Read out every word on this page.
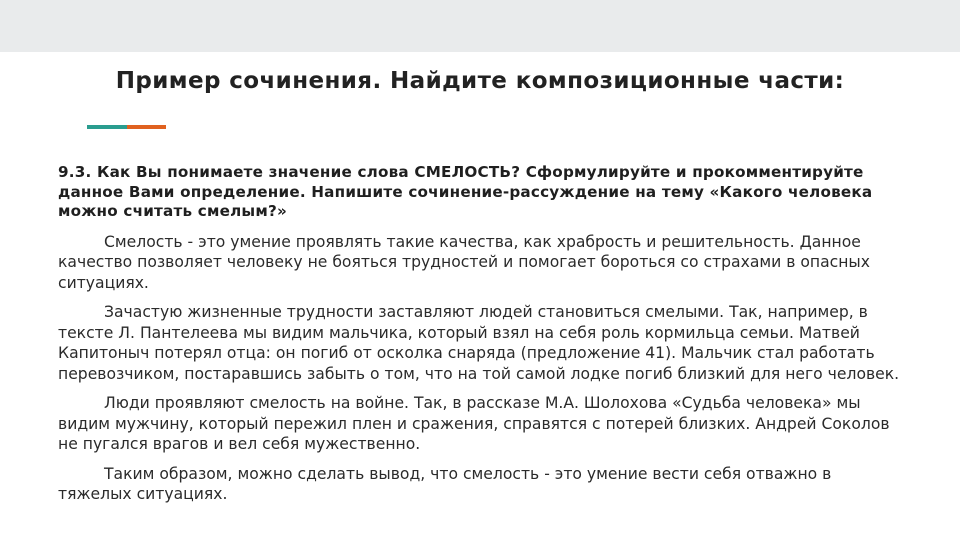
Пример сочинения. Найдите композиционные части:

9.3. Как Вы понимаете значение слова СМЕЛОСТЬ? Сформулируйте и прокомментируйте данное Вами определение. Напишите сочинение-рассуждение на тему «Какого человека можно считать смелым?»

Смелость - это умение проявлять такие качества, как храбрость и решительность. Данное качество позволяет человеку не бояться трудностей и помогает бороться со страхами в опасных ситуациях.

Зачастую жизненные трудности заставляют людей становиться смелыми. Так, например, в тексте Л. Пантелеева мы видим мальчика, который взял на себя роль кормильца семьи. Матвей Капитоныч потерял отца: он погиб от осколка снаряда (предложение 41). Мальчик стал работать перевозчиком, постаравшись забыть о том, что на той самой лодке погиб близкий для него человек.

Люди проявляют смелость на войне. Так, в рассказе М.А. Шолохова «Судьба человека» мы видим мужчину, который пережил плен и сражения, справятся с потерей близких. Андрей Соколов не пугался врагов и вел себя мужественно.

Таким образом, можно сделать вывод, что смелость - это умение вести себя отважно в тяжелых ситуациях.
